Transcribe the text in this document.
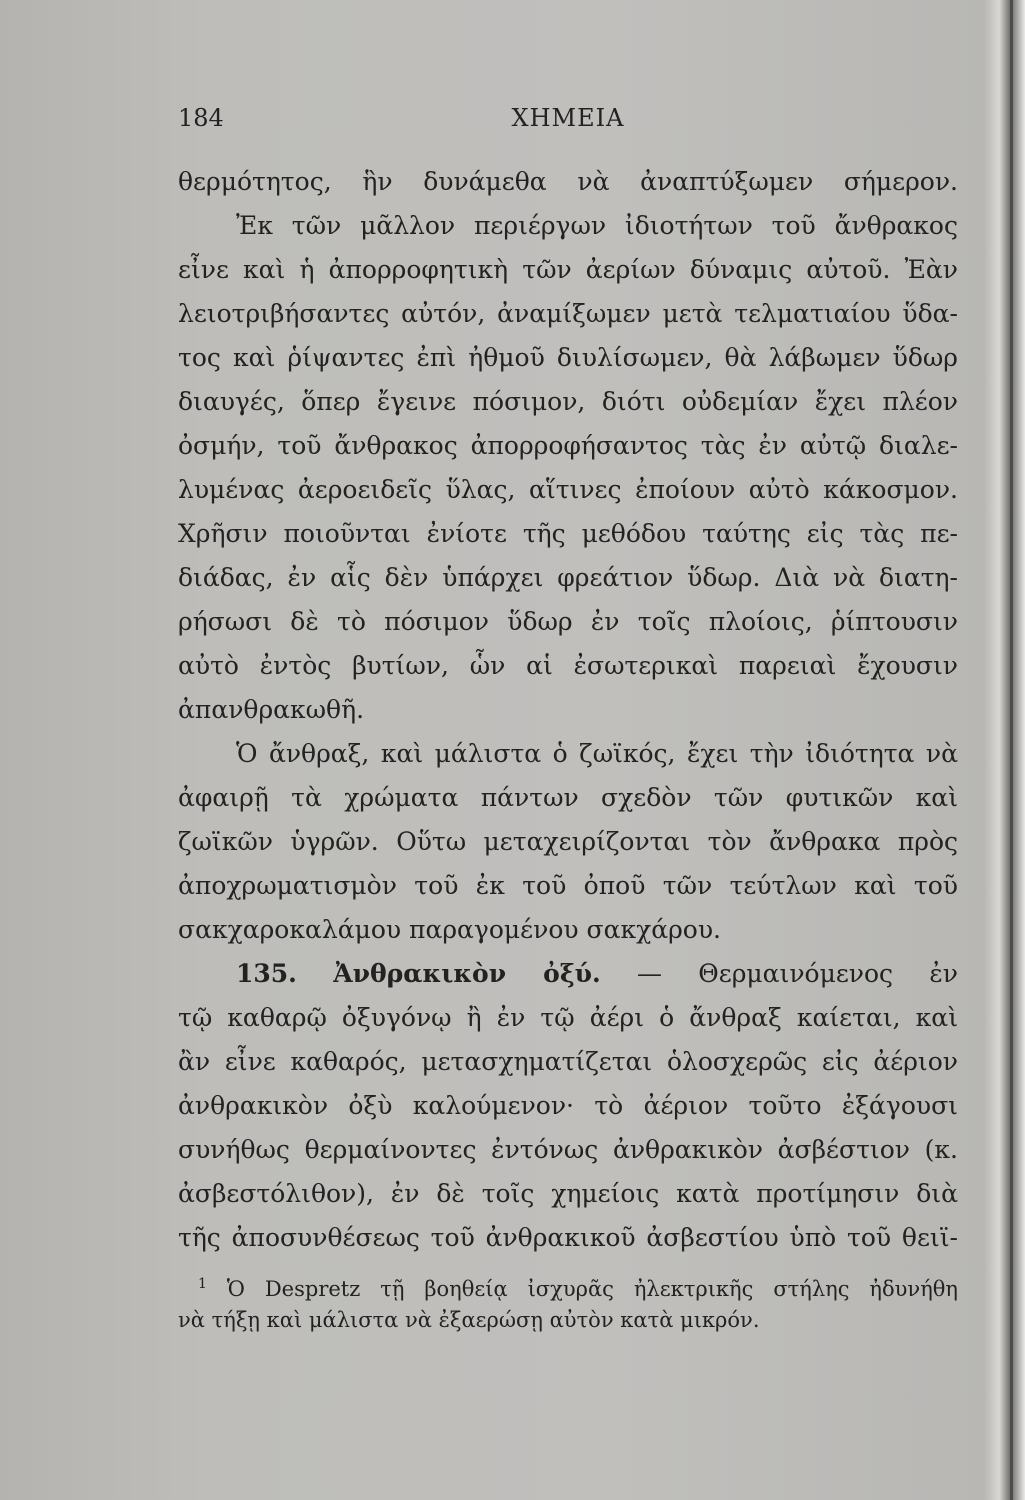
184	ΧΗΜΕΙΑ
θερμότητος, ἣν δυνάμεθα νὰ ἀναπτύξωμεν σήμερον.
Ἐκ τῶν μᾶλλον περιέργων ἰδιοτήτων τοῦ ἄνθρακος
εἶνε καὶ ἡ ἀπορροφητικὴ τῶν ἀερίων δύναμις αὐτοῦ. Ἐὰν
λειοτριβήσαντες αὐτόν, ἀναμίξωμεν μετὰ τελματιαίου ὕδα-
τος καὶ ῥίψαντες ἐπὶ ἠθμοῦ διυλίσωμεν, θὰ λάβωμεν ὕδωρ
διαυγές, ὅπερ ἔγεινε πόσιμον, διότι οὐδεμίαν ἔχει πλέον
ὀσμήν, τοῦ ἄνθρακος ἀπορροφήσαντος τὰς ἐν αὐτῷ διαλε-
λυμένας ἀεροειδεῖς ὕλας, αἵτινες ἐποίουν αὐτὸ κάκοσμον.
Χρῆσιν ποιοῦνται ἐνίοτε τῆς μεθόδου ταύτης εἰς τὰς πε-
διάδας, ἐν αἷς δὲν ὑπάρχει φρεάτιον ὕδωρ. Διὰ νὰ διατη-
ρήσωσι δὲ τὸ πόσιμον ὕδωρ ἐν τοῖς πλοίοις, ῥίπτουσιν
αὐτὸ ἐντὸς βυτίων, ὧν αἱ ἐσωτερικαὶ παρειαὶ ἔχουσιν
ἀπανθρακωθῆ.
Ὁ ἄνθραξ, καὶ μάλιστα ὁ ζωϊκός, ἔχει τὴν ἰδιότητα νὰ
ἀφαιρῇ τὰ χρώματα πάντων σχεδὸν τῶν φυτικῶν καὶ
ζωϊκῶν ὑγρῶν. Οὕτω μεταχειρίζονται τὸν ἄνθρακα πρὸς
ἀποχρωματισμὸν τοῦ ἐκ τοῦ ὀποῦ τῶν τεύτλων καὶ τοῦ
σακχαροκαλάμου παραγομένου σακχάρου.
135. Ἀνθρακικὸν ὀξύ. — Θερμαινόμενος ἐν
τῷ καθαρῷ ὀξυγόνῳ ἢ ἐν τῷ ἀέρι ὁ ἄνθραξ καίεται, καὶ
ἂν εἶνε καθαρός, μετασχηματίζεται ὁλοσχερῶς εἰς ἀέριον
ἀνθρακικὸν ὀξὺ καλούμενον· τὸ ἀέριον τοῦτο ἐξάγουσι
συνήθως θερμαίνοντες ἐντόνως ἀνθρακικὸν ἀσβέστιον (κ.
ἀσβεστόλιθον), ἐν δὲ τοῖς χημείοις κατὰ προτίμησιν διὰ
τῆς ἀποσυνθέσεως τοῦ ἀνθρακικοῦ ἀσβεστίου ὑπὸ τοῦ θειϊ-
$^1$ Ὁ Despretz τῇ βοηθείᾳ ἰσχυρᾶς ἠλεκτρικῆς στήλης ἠδυνήθη
νὰ τήξῃ καὶ μάλιστα νὰ ἐξαερώσῃ αὐτὸν κατὰ μικρόν.
